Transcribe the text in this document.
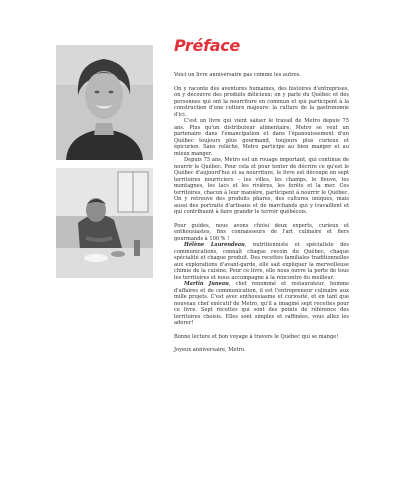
Préface

Voici un livre anniversaire pas comme les autres.

On y raconte des aventures humaines, des histoires d'entreprises, on y découvre des produits délicieux; on y parle du Québec et des personnes qui ont la nourriture en commun et qui participent à la construction d'une culture majeure: la culture de la gastronomie d'ici.

C'est un livre qui vient saluer le travail de Metro depuis 75 ans. Plus qu'un distributeur alimentaire, Metro se veut un partenaire dans l'émancipation et dans l'épanouissement d'un Québec toujours plus gourmand, toujours plus curieux et épicurien. Sans relâche, Metro participe au bien manger et au mieux manger.

Depuis 75 ans, Metro est un rouage important, qui continue de nourrir le Québec. Pour cela et pour tenter de décrire ce qu'est le Québec d'aujourd'hui et sa nourriture, le livre est découpé en sept territoires nourriciers – les villes, les champs, le fleuve, les montagnes, les lacs et les rivières, les forêts et la mer. Ces territoires, chacun à leur manière, participent à nourrir le Québec. On y retrouve des produits phares, des cultures uniques, mais aussi des portraits d'artisans et de marchands qui y travaillent et qui contribuent à faire grandir le terroir québécois.

Pour guides, nous avons choisi deux experts, curieux et enthousiastes, fins connaisseurs de l'art culinaire et fiers gourmands à 100 % !

Hélène Laurendeau, nutritionniste et spécialiste des communications, connaît chaque recoin du Québec, chaque spécialité et chaque produit. Des recettes familiales traditionnelles aux explorations d'avant-garde, elle sait expliquer la merveilleuse chimie de la cuisine. Pour ce livre, elle nous ouvre la porte de tous les territoires et nous accompagne à la rencontre du meilleur.

Martin Juneau, chef renommé et restaurateur, homme d'affaires et de communication, il est l'entrepreneur culinaire aux mille projets. C'est avec enthousiasme et curiosité, et en tant que nouveau chef exécutif de Metro, qu'il a imaginé sept recettes pour ce livre. Sept recettes qui sont des points de référence des territoires choisis. Elles sont simples et raffinées, vous allez les adorer!

Bonne lecture et bon voyage à travers le Québec qui se mange!

Joyeux anniversaire, Metro.
